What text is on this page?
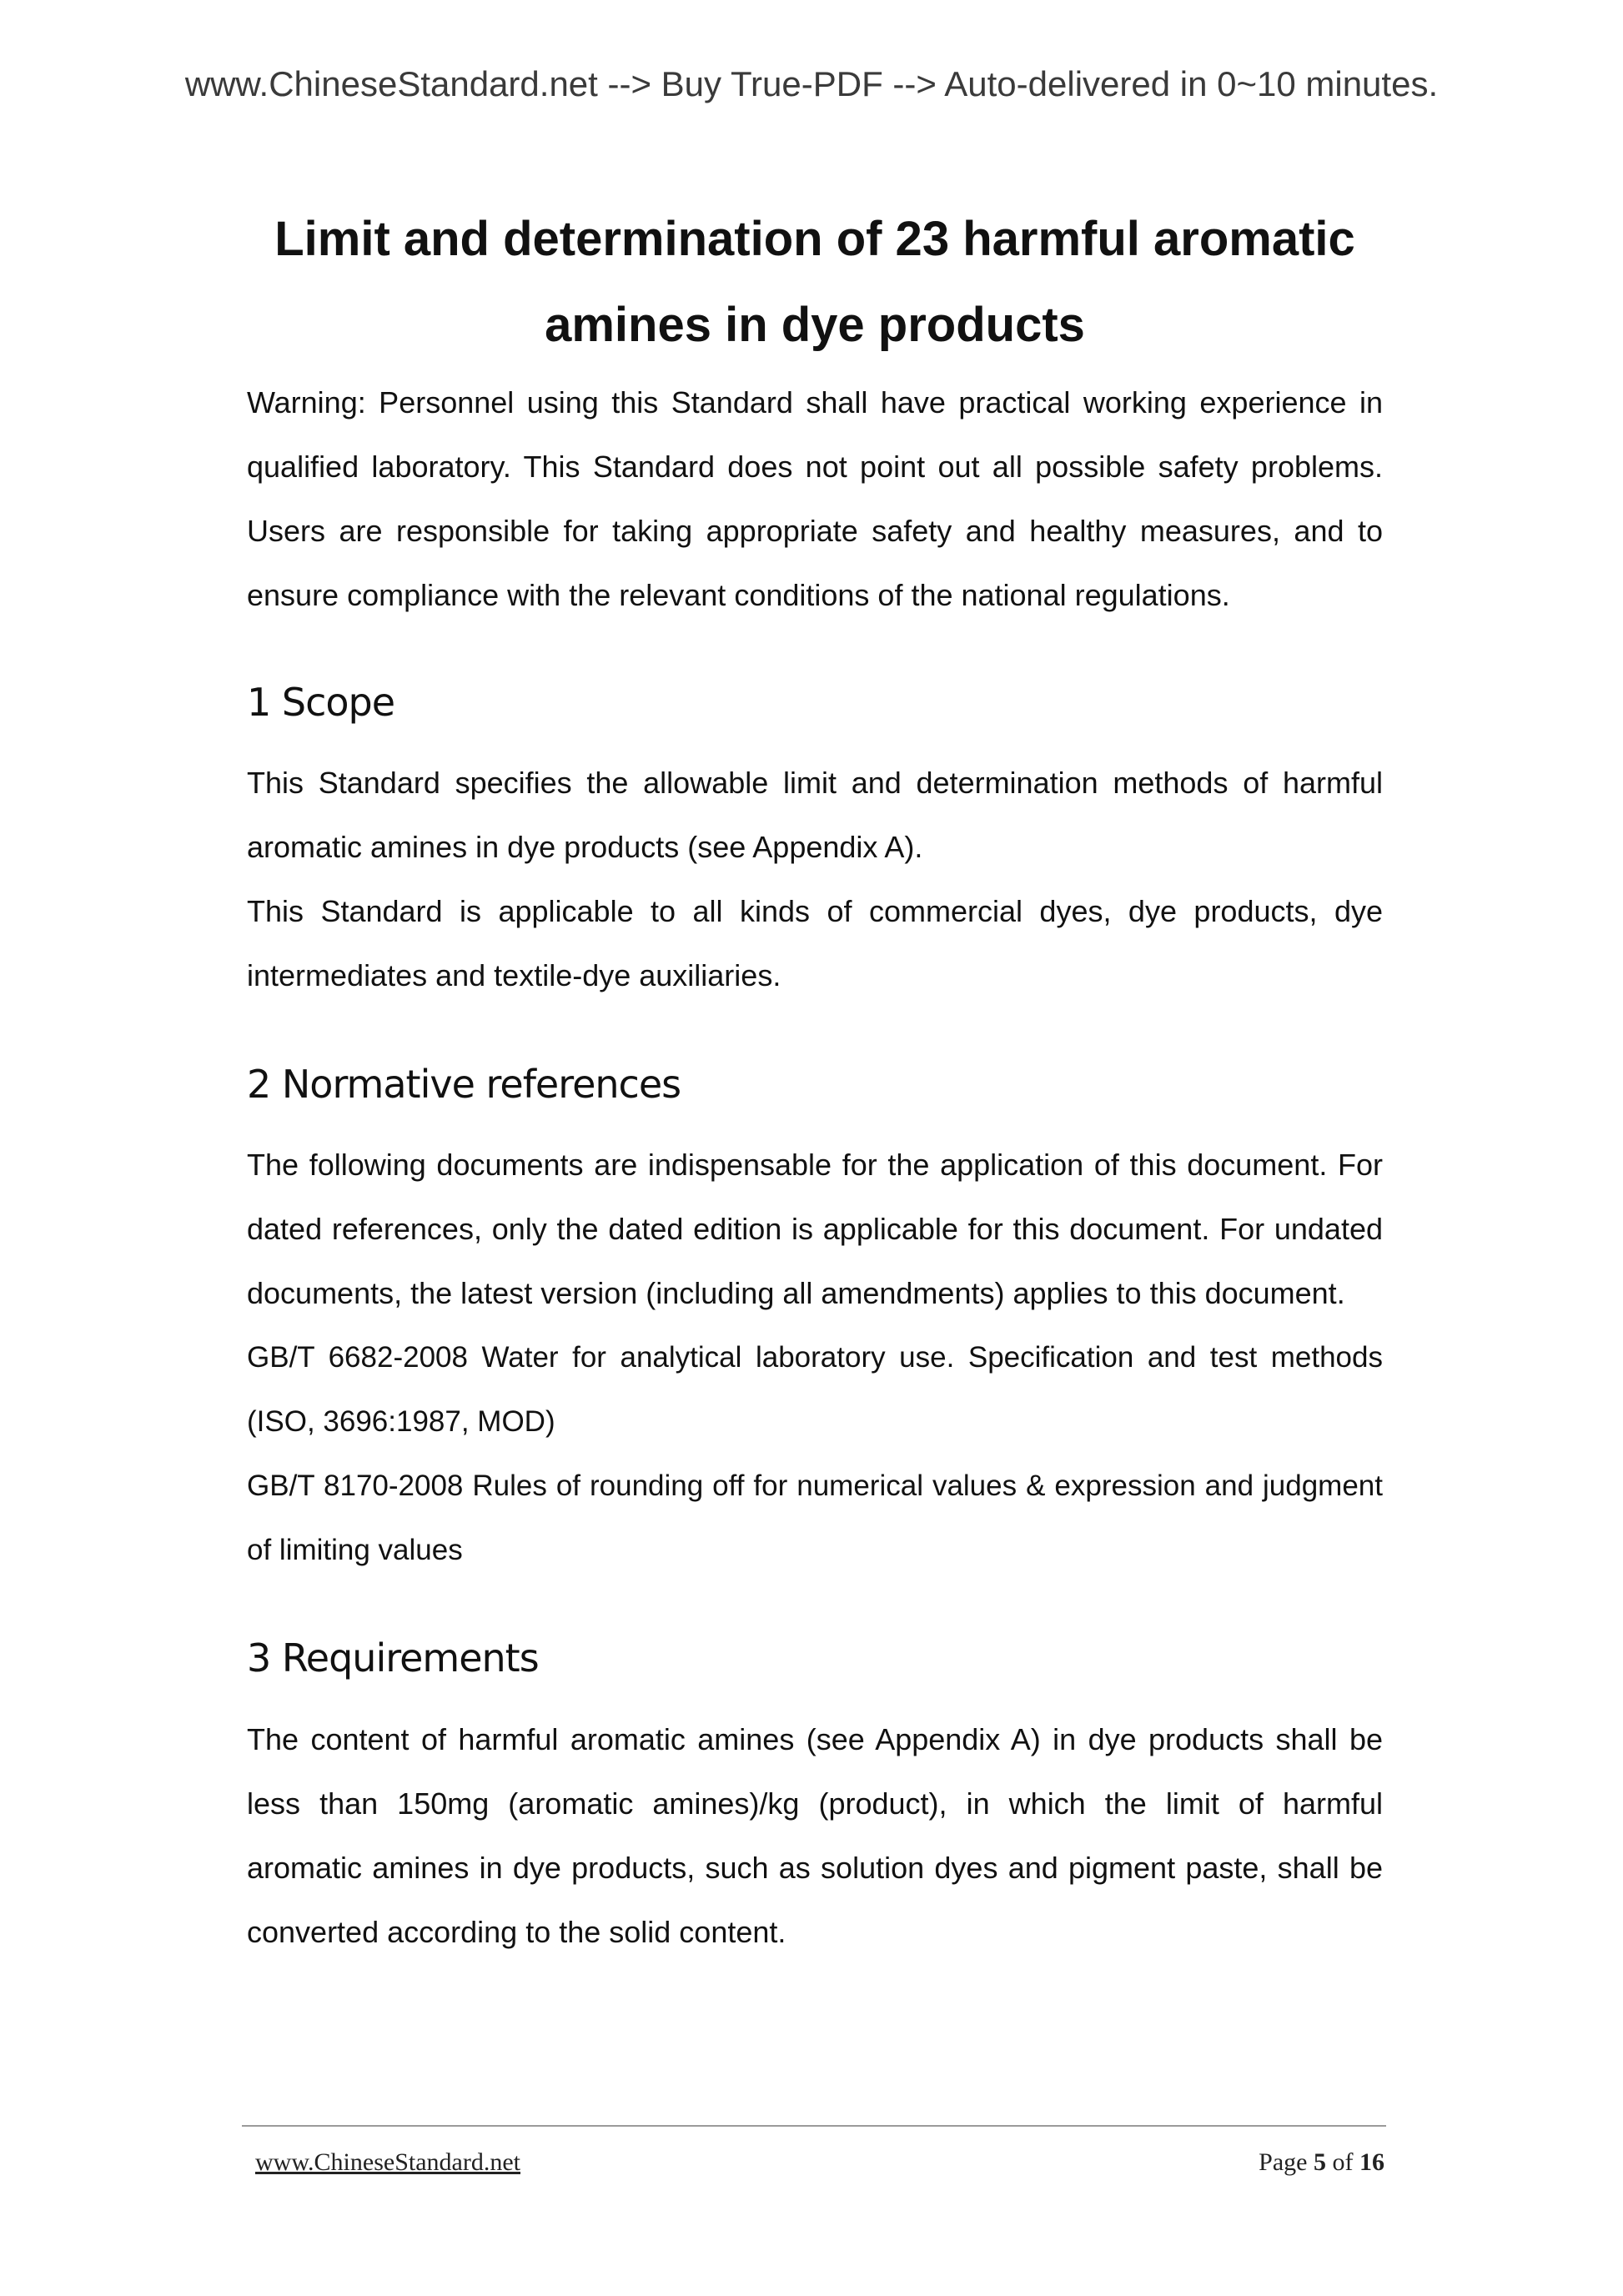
www.ChineseStandard.net --> Buy True-PDF --> Auto-delivered in 0~10 minutes.
Limit and determination of 23 harmful aromatic amines in dye products
Warning: Personnel using this Standard shall have practical working experience in qualified laboratory. This Standard does not point out all possible safety problems. Users are responsible for taking appropriate safety and healthy measures, and to ensure compliance with the relevant conditions of the national regulations.
1 Scope
This Standard specifies the allowable limit and determination methods of harmful aromatic amines in dye products (see Appendix A).
This Standard is applicable to all kinds of commercial dyes, dye products, dye intermediates and textile-dye auxiliaries.
2 Normative references
The following documents are indispensable for the application of this document. For dated references, only the dated edition is applicable for this document. For undated documents, the latest version (including all amendments) applies to this document.
GB/T 6682-2008 Water for analytical laboratory use. Specification and test methods (ISO, 3696:1987, MOD)
GB/T 8170-2008 Rules of rounding off for numerical values & expression and judgment of limiting values
3 Requirements
The content of harmful aromatic amines (see Appendix A) in dye products shall be less than 150mg (aromatic amines)/kg (product), in which the limit of harmful aromatic amines in dye products, such as solution dyes and pigment paste, shall be converted according to the solid content.
www.ChineseStandard.net	Page 5 of 16
